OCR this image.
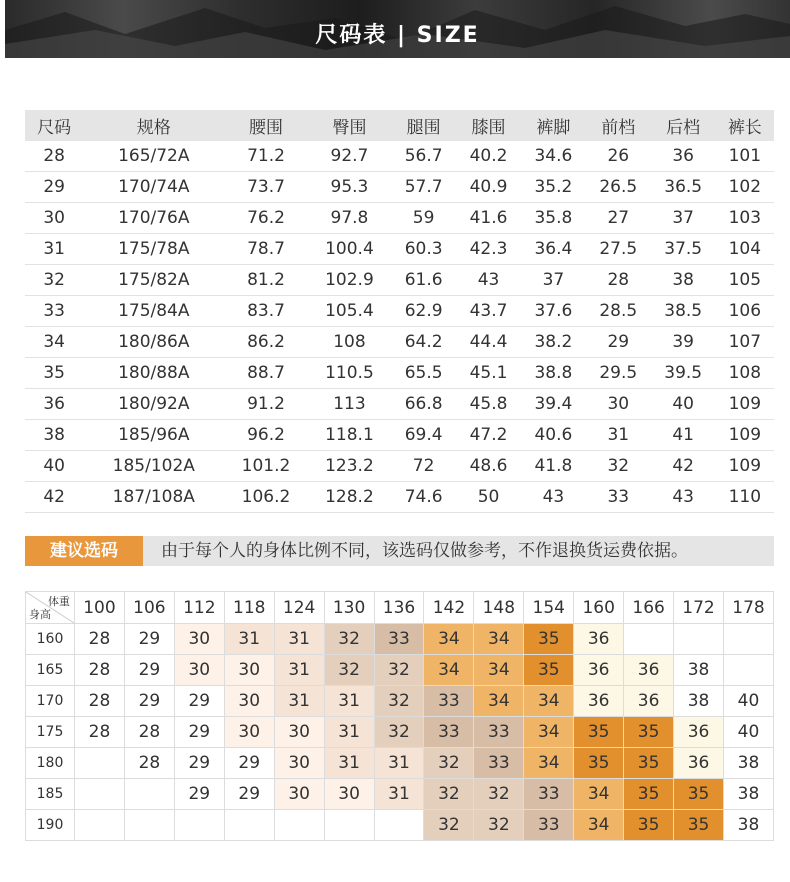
尺码表 | SIZE
尺码	规格	腰围	臀围	腿围	膝围	裤脚	前档	后档	裤长
28	165/72A	71.2	92.7	56.7	40.2	34.6	26	36	101
29	170/74A	73.7	95.3	57.7	40.9	35.2	26.5	36.5	102
30	170/76A	76.2	97.8	59	41.6	35.8	27	37	103
31	175/78A	78.7	100.4	60.3	42.3	36.4	27.5	37.5	104
32	175/82A	81.2	102.9	61.6	43	37	28	38	105
33	175/84A	83.7	105.4	62.9	43.7	37.6	28.5	38.5	106
34	180/86A	86.2	108	64.2	44.4	38.2	29	39	107
35	180/88A	88.7	110.5	65.5	45.1	38.8	29.5	39.5	108
36	180/92A	91.2	113	66.8	45.8	39.4	30	40	109
38	185/96A	96.2	118.1	69.4	47.2	40.6	31	41	109
40	185/102A	101.2	123.2	72	48.6	41.8	32	42	109
42	187/108A	106.2	128.2	74.6	50	43	33	43	110
建议选码	由于每个人的身体比例不同，该选码仅做参考，不作退换货运费依据。
体重
身高	100	106	112	118	124	130	136	142	148	154	160	166	172	178
160	28	29	30	31	31	32	33	34	34	35	36			
165	28	29	30	30	31	32	32	34	34	35	36	36	38	
170	28	29	29	30	31	31	32	33	34	34	36	36	38	40
175	28	28	29	30	30	31	32	33	33	34	35	35	36	40
180		28	29	29	30	31	31	32	33	34	35	35	36	38
185			29	29	30	30	31	32	32	33	34	35	35	38
190								32	32	33	34	35	35	38
